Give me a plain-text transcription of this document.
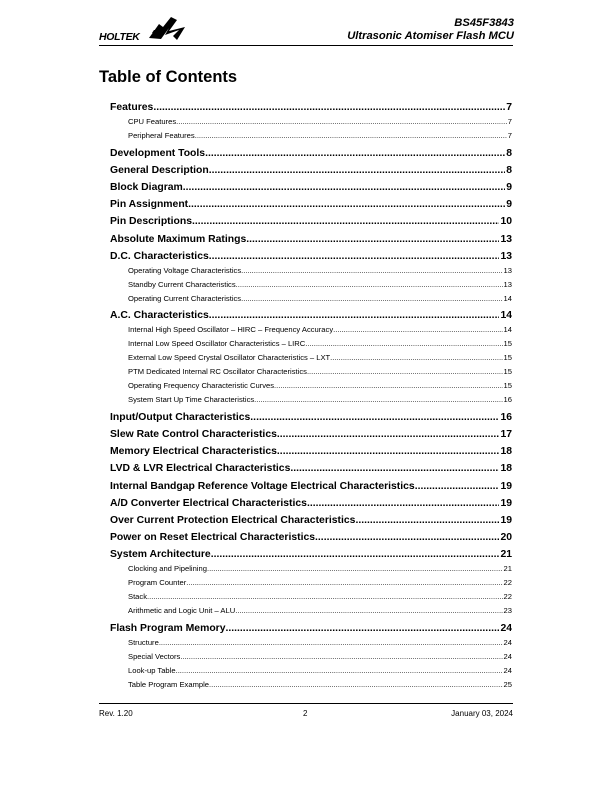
HOLTEK
BS45F3843
Ultrasonic Atomiser Flash MCU
Table of Contents
Features .....	7
CPU Features .....	7
Peripheral Features .....	7
Development Tools .....	8
General Description .....	8
Block Diagram .....	9
Pin Assignment .....	9
Pin Descriptions .....	10
Absolute Maximum Ratings .....	13
D.C. Characteristics .....	13
Operating Voltage Characteristics .....	13
Standby Current Characteristics .....	13
Operating Current Characteristics .....	14
A.C. Characteristics .....	14
Internal High Speed Oscillator – HIRC – Frequency Accuracy .....	14
Internal Low Speed Oscillator Characteristics – LIRC .....	15
External Low Speed Crystal Oscillator Characteristics – LXT .....	15
PTM Dedicated Internal RC Oscillator Characteristics .....	15
Operating Frequency Characteristic Curves .....	15
System Start Up Time Characteristics .....	16
Input/Output Characteristics .....	16
Slew Rate Control Characteristics .....	17
Memory Electrical Characteristics .....	18
LVD & LVR Electrical Characteristics .....	18
Internal Bandgap Reference Voltage Electrical Characteristics .....	19
A/D Converter Electrical Characteristics .....	19
Over Current Protection Electrical Characteristics .....	19
Power on Reset Electrical Characteristics .....	20
System Architecture .....	21
Clocking and Pipelining .....	21
Program Counter .....	22
Stack .....	22
Arithmetic and Logic Unit – ALU .....	23
Flash Program Memory .....	24
Structure .....	24
Special Vectors .....	24
Look-up Table .....	24
Table Program Example .....	25
Rev. 1.20	2	January 03, 2024
